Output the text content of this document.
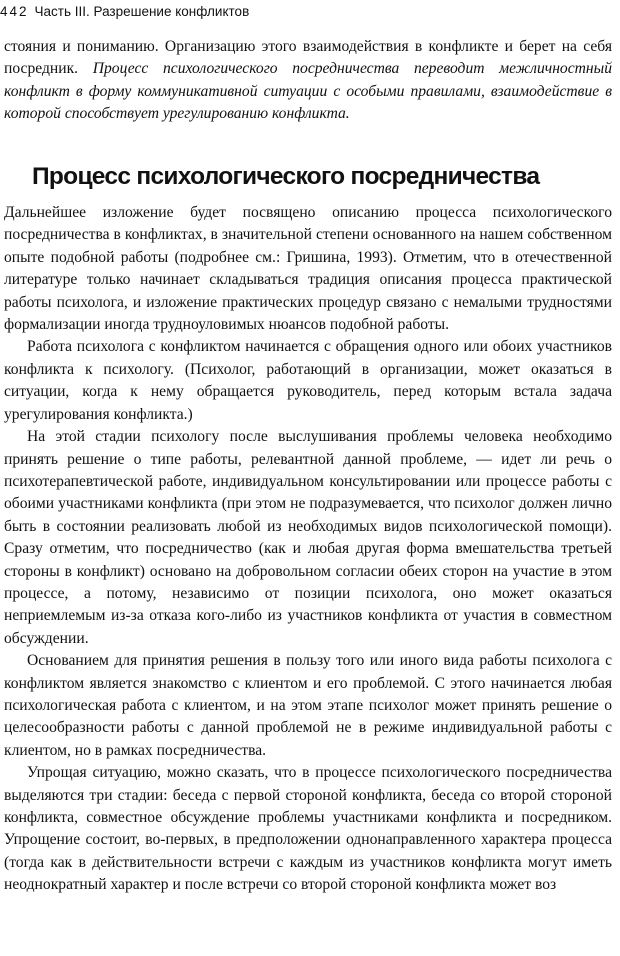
442 Часть III. Разрешение конфликтов

стояния и пониманию. Организацию этого взаимодействия в конфликте и берет на себя посредник. Процесс психологического посредничества переводит межличностный конфликт в форму коммуникативной ситуации с особыми правилами, взаимодействие в которой способствует урегулированию конфликта.

Процесс психологического посредничества

Дальнейшее изложение будет посвящено описанию процесса психологического посредничества в конфликтах, в значительной степени основанного на нашем собственном опыте подобной работы (подробнее см.: Гришина, 1993). Отметим, что в отечественной литературе только начинает складываться традиция описания процесса практической работы психолога, и изложение практических процедур связано с немалыми трудностями формализации иногда трудноуловимых нюансов подобной работы.

Работа психолога с конфликтом начинается с обращения одного или обоих участников конфликта к психологу. (Психолог, работающий в организации, может оказаться в ситуации, когда к нему обращается руководитель, перед которым встала задача урегулирования конфликта.)

На этой стадии психологу после выслушивания проблемы человека необходимо принять решение о типе работы, релевантной данной проблеме, — идет ли речь о психотерапевтической работе, индивидуальном консультировании или процессе работы с обоими участниками конфликта (при этом не подразумевается, что психолог должен лично быть в состоянии реализовать любой из необходимых видов психологической помощи). Сразу отметим, что посредничество (как и любая другая форма вмешательства третьей стороны в конфликт) основано на добровольном согласии обеих сторон на участие в этом процессе, а потому, независимо от позиции психолога, оно может оказаться неприемлемым из-за отказа кого-либо из участников конфликта от участия в совместном обсуждении.

Основанием для принятия решения в пользу того или иного вида работы психолога с конфликтом является знакомство с клиентом и его проблемой. С этого начинается любая психологическая работа с клиентом, и на этом этапе психолог может принять решение о целесообразности работы с данной проблемой не в режиме индивидуальной работы с клиентом, но в рамках посредничества.

Упрощая ситуацию, можно сказать, что в процессе психологического посредничества выделяются три стадии: беседа с первой стороной конфликта, беседа со второй стороной конфликта, совместное обсуждение проблемы участниками конфликта и посредником. Упрощение состоит, во-первых, в предположении однонаправленного характера процесса (тогда как в действительности встречи с каждым из участников конфликта могут иметь неоднократный характер и после встречи со второй стороной конфликта может воз
